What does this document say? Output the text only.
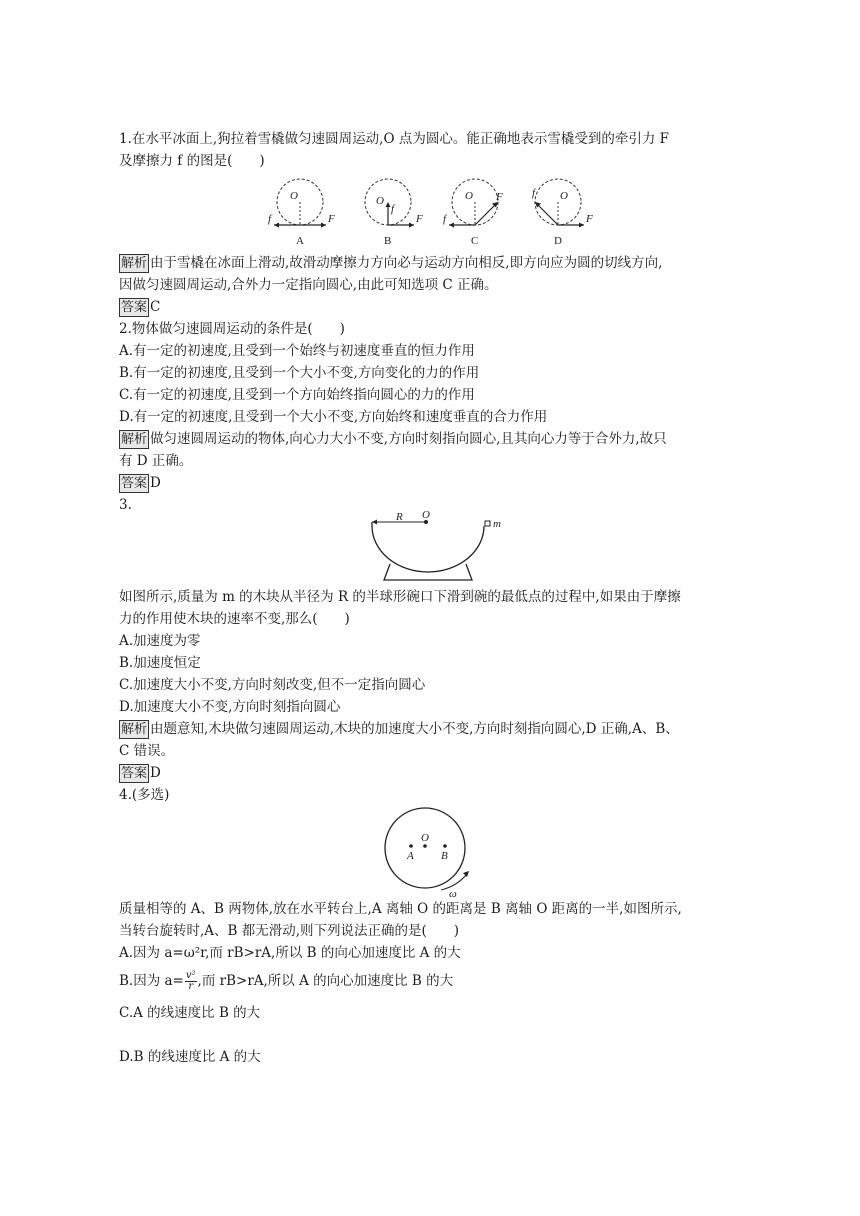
1.在水平冰面上,狗拉着雪橇做匀速圆周运动,O 点为圆心。能正确地表示雪橇受到的牵引力 F
及摩擦力 f 的图是(　　)
O
F
f
A
O
f
F
B
O F
f
C
O
F
f
D
解析 由于雪橇在冰面上滑动,故滑动摩擦力方向必与运动方向相反,即方向应为圆的切线方向,
因做匀速圆周运动,合外力一定指向圆心,由此可知选项 C 正确。
答案 C
2.物体做匀速圆周运动的条件是(　　)
A.有一定的初速度,且受到一个始终与初速度垂直的恒力作用
B.有一定的初速度,且受到一个大小不变,方向变化的力的作用
C.有一定的初速度,且受到一个方向始终指向圆心的力的作用
D.有一定的初速度,且受到一个大小不变,方向始终和速度垂直的合力作用
解析 做匀速圆周运动的物体,向心力大小不变,方向时刻指向圆心,且其向心力等于合外力,故只
有 D 正确。
答案 D
3.
R O
m
如图所示,质量为 m 的木块从半径为 R 的半球形碗口下滑到碗的最低点的过程中,如果由于摩擦
力的作用使木块的速率不变,那么(　　)
A.加速度为零
B.加速度恒定
C.加速度大小不变,方向时刻改变,但不一定指向圆心
D.加速度大小不变,方向时刻指向圆心
解析 由题意知,木块做匀速圆周运动,木块的加速度大小不变,方向时刻指向圆心,D 正确,A、B、
C 错误。
答案 D
4.(多选)
O
A B
ω
质量相等的 A、B 两物体,放在水平转台上,A 离轴 O 的距离是 B 离轴 O 距离的一半,如图所示,
当转台旋转时,A、B 都无滑动,则下列说法正确的是(　　)
A.因为 a=ω²r,而 rB>rA,所以 B 的向心加速度比 A 的大
B.因为 $a= \frac{\text{v²}}{r}$ ,而 rB>rA,所以 A 的向心加速度比 B 的大
C.A 的线速度比 B 的大
D.B 的线速度比 A 的大
